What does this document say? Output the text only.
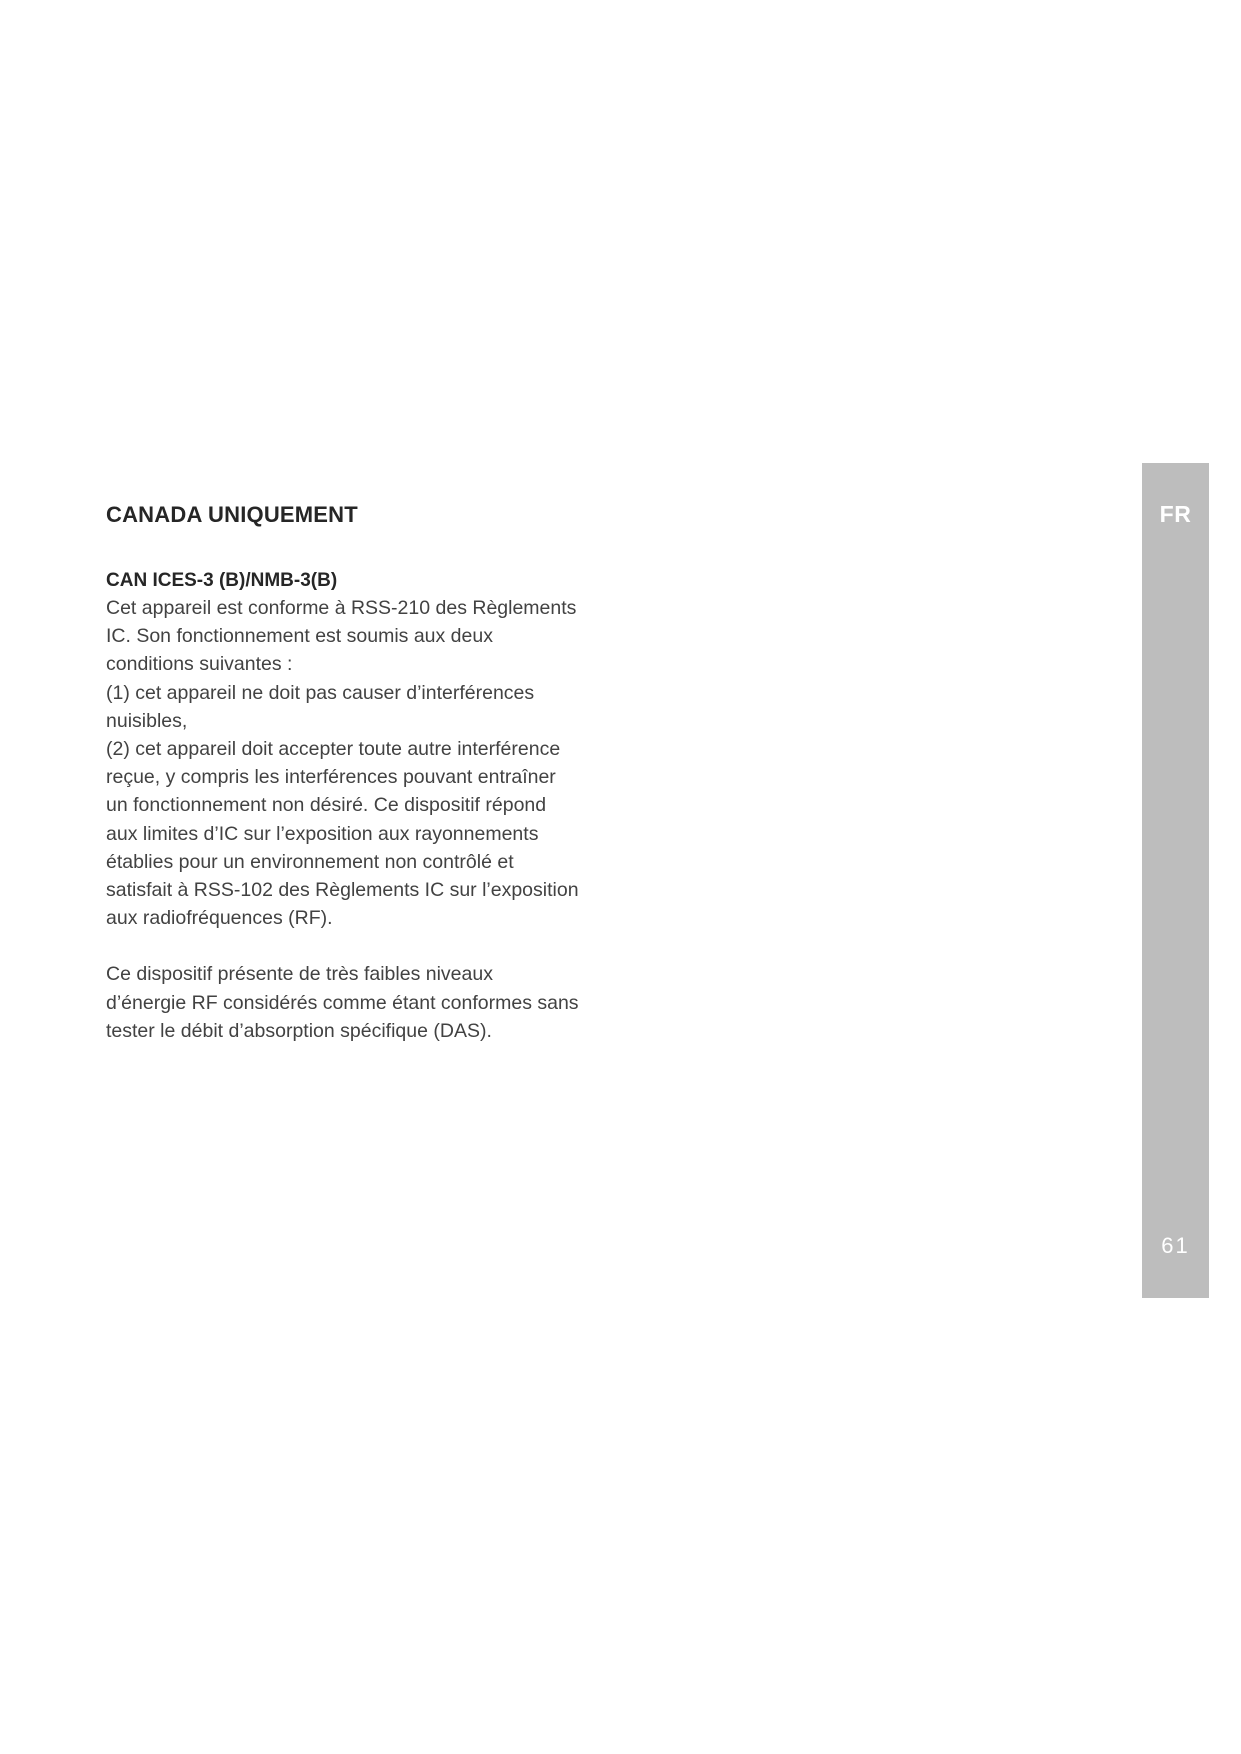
CANADA UNIQUEMENT
CAN ICES-3 (B)/NMB-3(B)

Cet appareil est conforme à RSS-210 des Règlements
IC. Son fonctionnement est soumis aux deux
conditions suivantes :
(1) cet appareil ne doit pas causer d’interférences
nuisibles,
(2) cet appareil doit accepter toute autre interférence
reçue, y compris les interférences pouvant entraîner
un fonctionnement non désiré. Ce dispositif répond
aux limites d’IC sur l’exposition aux rayonnements
établies pour un environnement non contrôlé et
satisfait à RSS-102 des Règlements IC sur l’exposition
aux radiofréquences (RF).

Ce dispositif présente de très faibles niveaux
d’énergie RF considérés comme étant conformes sans
tester le débit d’absorption spécifique (DAS).

FR
61
